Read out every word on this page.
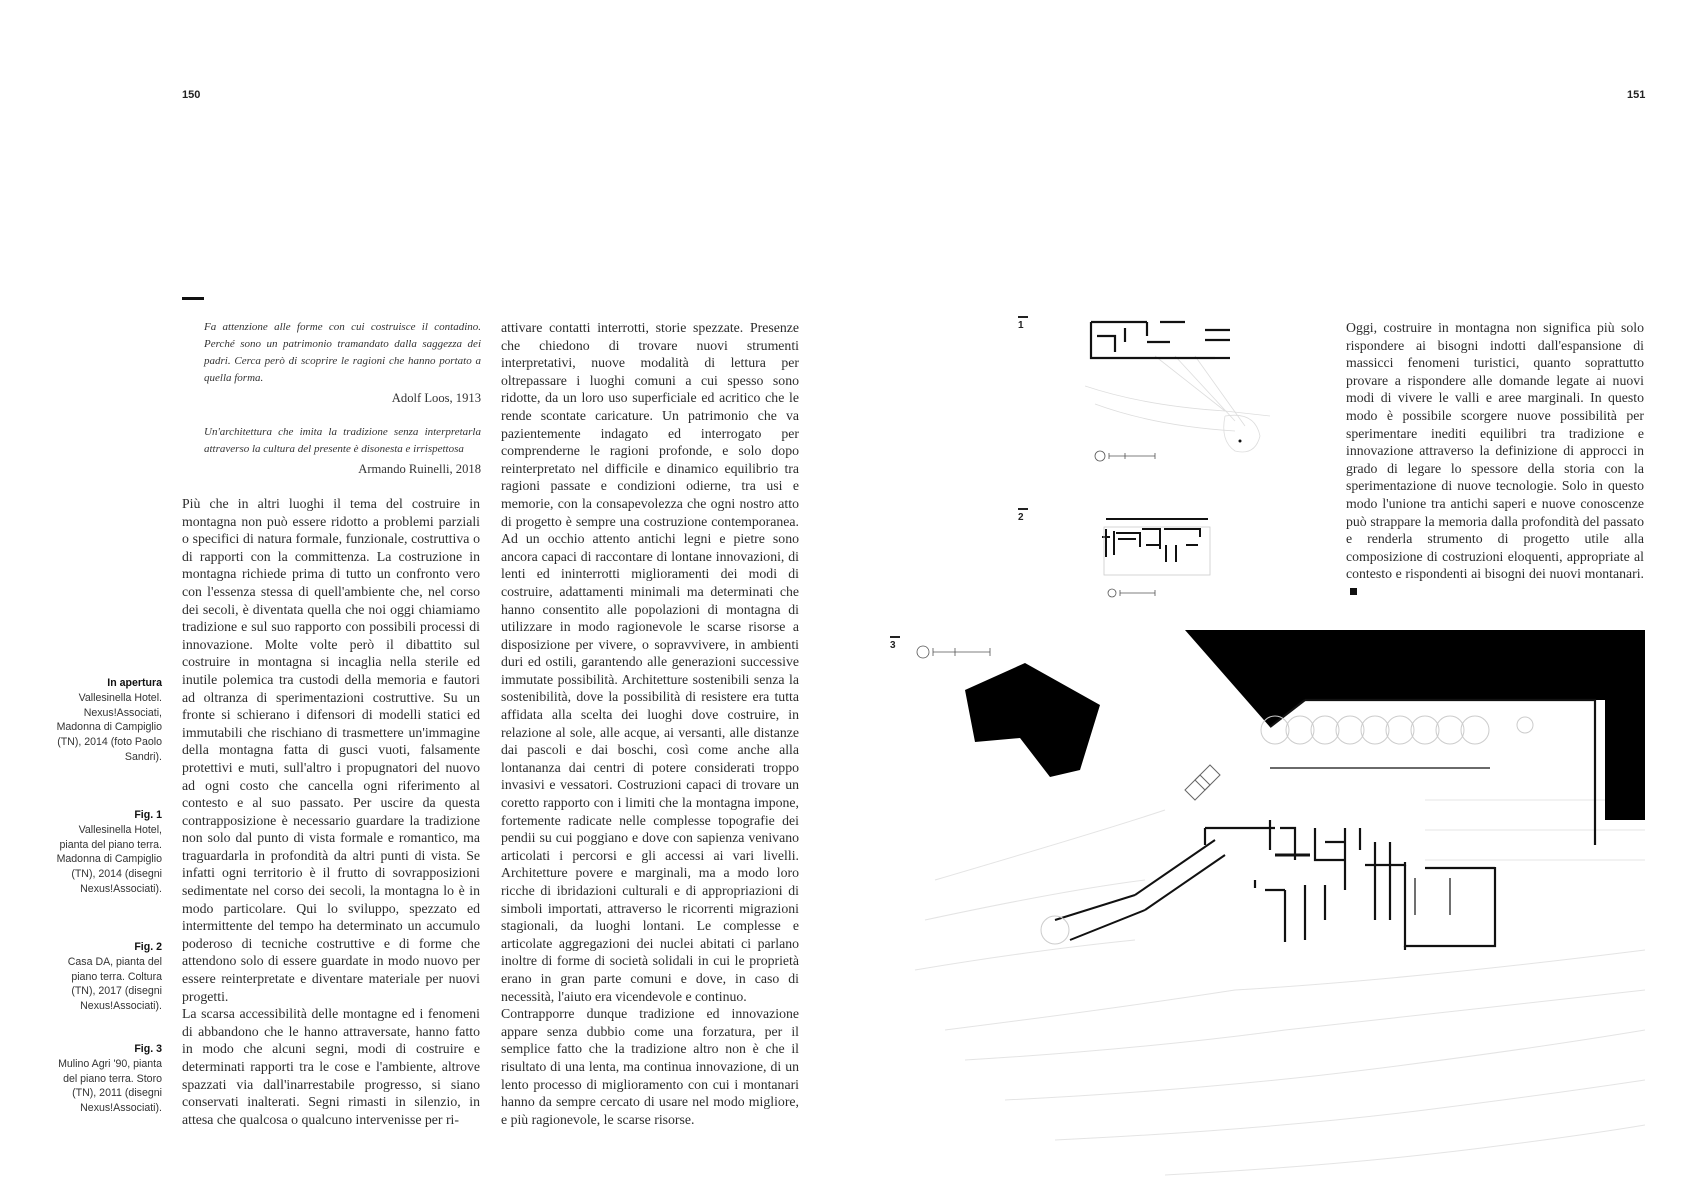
150	151
In apertura
Vallesinella Hotel. Nexus!Associati, Madonna di Campiglio (TN), 2014 (foto Paolo Sandri).
Fig. 1
Vallesinella Hotel, pianta del piano terra. Madonna di Campiglio (TN), 2014 (disegni Nexus!Associati).
Fig. 2
Casa DA, pianta del piano terra. Coltura (TN), 2017 (disegni Nexus!Associati).
Fig. 3
Mulino Agri '90, pianta del piano terra. Storo (TN), 2011 (disegni Nexus!Associati).
Fa attenzione alle forme con cui costruisce il contadino. Perché sono un patrimonio tramandato dalla saggezza dei padri. Cerca però di scoprire le ragioni che hanno portato a quella forma.
Adolf Loos, 1913
Un'architettura che imita la tradizione senza interpretarla attraverso la cultura del presente è disonesta e irrispettosa
Armando Ruinelli, 2018

Più che in altri luoghi il tema del costruire in montagna non può essere ridotto a problemi parziali o specifici di natura formale, funzionale, costruttiva o di rapporti con la committenza. La costruzione in montagna richiede prima di tutto un confronto vero con l'essenza stessa di quell'ambiente che, nel corso dei secoli, è diventata quella che noi oggi chiamiamo tradizione e sul suo rapporto con possibili processi di innovazione. Molte volte però il dibattito sul costruire in montagna si incaglia nella sterile ed inutile polemica tra custodi della memoria e fautori ad oltranza di sperimentazioni costruttive. Su un fronte si schierano i difensori di modelli statici ed immutabili che rischiano di trasmettere un'immagine della montagna fatta di gusci vuoti, falsamente protettivi e muti, sull'altro i propugnatori del nuovo ad ogni costo che cancella ogni riferimento al contesto e al suo passato. Per uscire da questa contrapposizione è necessario guardare la tradizione non solo dal punto di vista formale e romantico, ma traguardarla in profondità da altri punti di vista. Se infatti ogni territorio è il frutto di sovrapposizioni sedimentate nel corso dei secoli, la montagna lo è in modo particolare. Qui lo sviluppo, spezzato ed intermittente del tempo ha determinato un accumulo poderoso di tecniche costruttive e di forme che attendono solo di essere guardate in modo nuovo per essere reinterpretate e diventare materiale per nuovi progetti.

La scarsa accessibilità delle montagne ed i fenomeni di abbandono che le hanno attraversate, hanno fatto in modo che alcuni segni, modi di costruire e determinati rapporti tra le cose e l'ambiente, altrove spazzati via dall'inarrestabile progresso, si siano conservati inalterati. Segni rimasti in silenzio, in attesa che qualcosa o qualcuno intervenisse per ri-

attivare contatti interrotti, storie spezzate. Presenze che chiedono di trovare nuovi strumenti interpretativi, nuove modalità di lettura per oltrepassare i luoghi comuni a cui spesso sono ridotte, da un loro uso superficiale ed acritico che le rende scontate caricature. Un patrimonio che va pazientemente indagato ed interrogato per comprenderne le ragioni profonde, e solo dopo reinterpretato nel difficile e dinamico equilibrio tra ragioni passate e condizioni odierne, tra usi e memorie, con la consapevolezza che ogni nostro atto di progetto è sempre una costruzione contemporanea. Ad un occhio attento antichi legni e pietre sono ancora capaci di raccontare di lontane innovazioni, di lenti ed ininterrotti miglioramenti dei modi di costruire, adattamenti minimali ma determinati che hanno consentito alle popolazioni di montagna di utilizzare in modo ragionevole le scarse risorse a disposizione per vivere, o sopravvivere, in ambienti duri ed ostili, garantendo alle generazioni successive immutate possibilità. Architetture sostenibili senza la sostenibilità, dove la possibilità di resistere era tutta affidata alla scelta dei luoghi dove costruire, in relazione al sole, alle acque, ai versanti, alle distanze dai pascoli e dai boschi, così come anche alla lontananza dai centri di potere considerati troppo invasivi e vessatori. Costruzioni capaci di trovare un coretto rapporto con i limiti che la montagna impone, fortemente radicate nelle complesse topografie dei pendii su cui poggiano e dove con sapienza venivano articolati i percorsi e gli accessi ai vari livelli. Architetture povere e marginali, ma a modo loro ricche di ibridazioni culturali e di appropriazioni di simboli importati, attraverso le ricorrenti migrazioni stagionali, da luoghi lontani. Le complesse e articolate aggregazioni dei nuclei abitati ci parlano inoltre di forme di società solidali in cui le proprietà erano in gran parte comuni e dove, in caso di necessità, l'aiuto era vicendevole e continuo.

Contrapporre dunque tradizione ed innovazione appare senza dubbio come una forzatura, per il semplice fatto che la tradizione altro non è che il risultato di una lenta, ma continua innovazione, di un lento processo di miglioramento con cui i montanari hanno da sempre cercato di usare nel modo migliore, e più ragionevole, le scarse risorse.

Oggi, costruire in montagna non significa più solo rispondere ai bisogni indotti dall'espansione di massicci fenomeni turistici, quanto soprattutto provare a rispondere alle domande legate ai nuovi modi di vivere le valli e aree marginali. In questo modo è possibile scorgere nuove possibilità per sperimentare inediti equilibri tra tradizione e innovazione attraverso la definizione di approcci in grado di legare lo spessore della storia con la sperimentazione di nuove tecnologie. Solo in questo modo l'unione tra antichi saperi e nuove conoscenze può strappare la memoria dalla profondità del passato e renderla strumento di progetto utile alla composizione di costruzioni eloquenti, appropriate al contesto e rispondenti ai bisogni dei nuovi montanari.

1
2
3
